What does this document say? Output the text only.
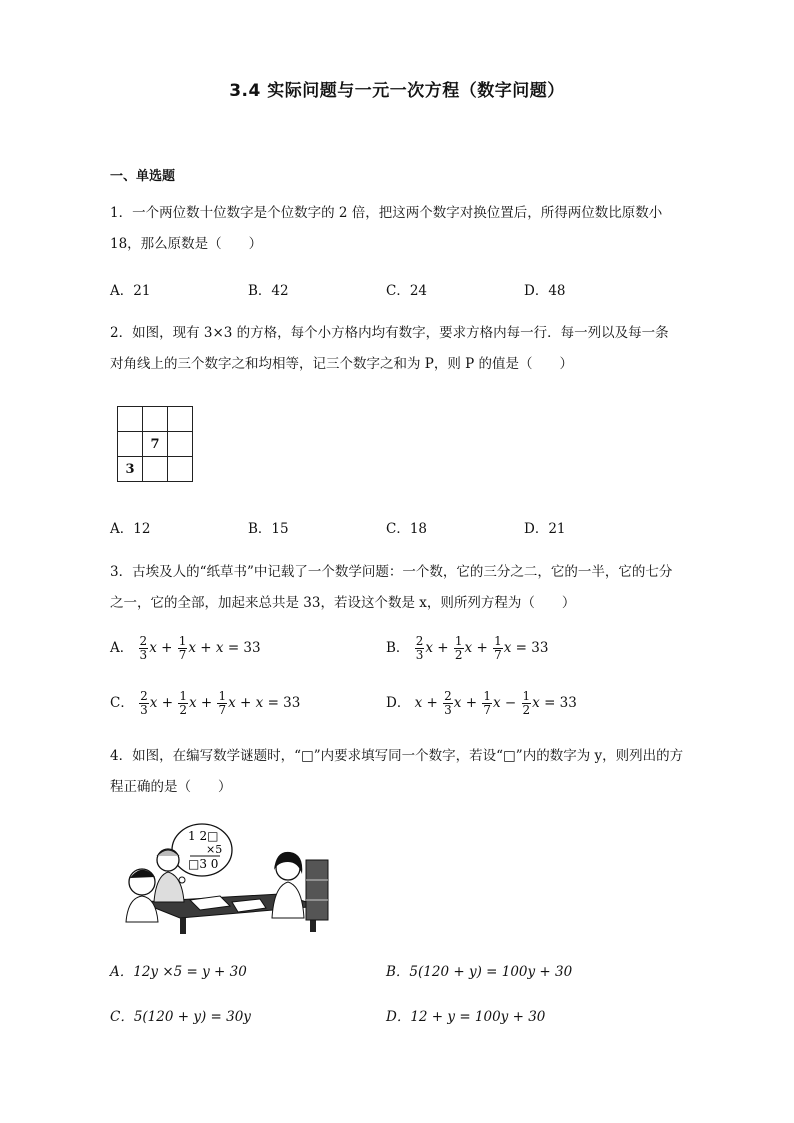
3.4 实际问题与一元一次方程（数字问题）
一、单选题
1．一个两位数十位数字是个位数字的 2 倍，把这两个数字对换位置后，所得两位数比原数小
18，那么原数是（　　）
A．21	B．42	C．24	D．48
2．如图，现有 3×3 的方格，每个小方格内均有数字，要求方格内每一行．每一列以及每一条
对角线上的三个数字之和均相等，记三个数字之和为 P，则 P 的值是（　　）

	7	
3		
A．12	B．15	C．18	D．21
3．古埃及人的“纸草书”中记载了一个数学问题：一个数，它的三分之二，它的一半，它的七分
之一，它的全部，加起来总共是 33，若设这个数是 x，则所列方程为（　　）
A． $\frac{2}{3}$ $x + \frac{1}{7}$ x + x = 33	B． $\frac{2}{3}$ $x + \frac{1}{2}$ $x + \frac{1}{7}$ x = 33
C． $\frac{2}{3}$ $x + \frac{1}{2}$ $x + \frac{1}{7}$ x + x = 33	D． $x + \frac{2}{3}$ $x + \frac{1}{7}$ $x - \frac{1}{2}$ x = 33
4．如图，在编写数学谜题时，“□”内要求填写同一个数字，若设“□”内的数字为 y，则列出的方
程正确的是（　　）
1 2□
×5
□3 0
A．12y ×5 = y + 30	B．5(120 + y) = 100y + 30
C．5(120 + y) = 30y	D．12 + y = 100y + 30
